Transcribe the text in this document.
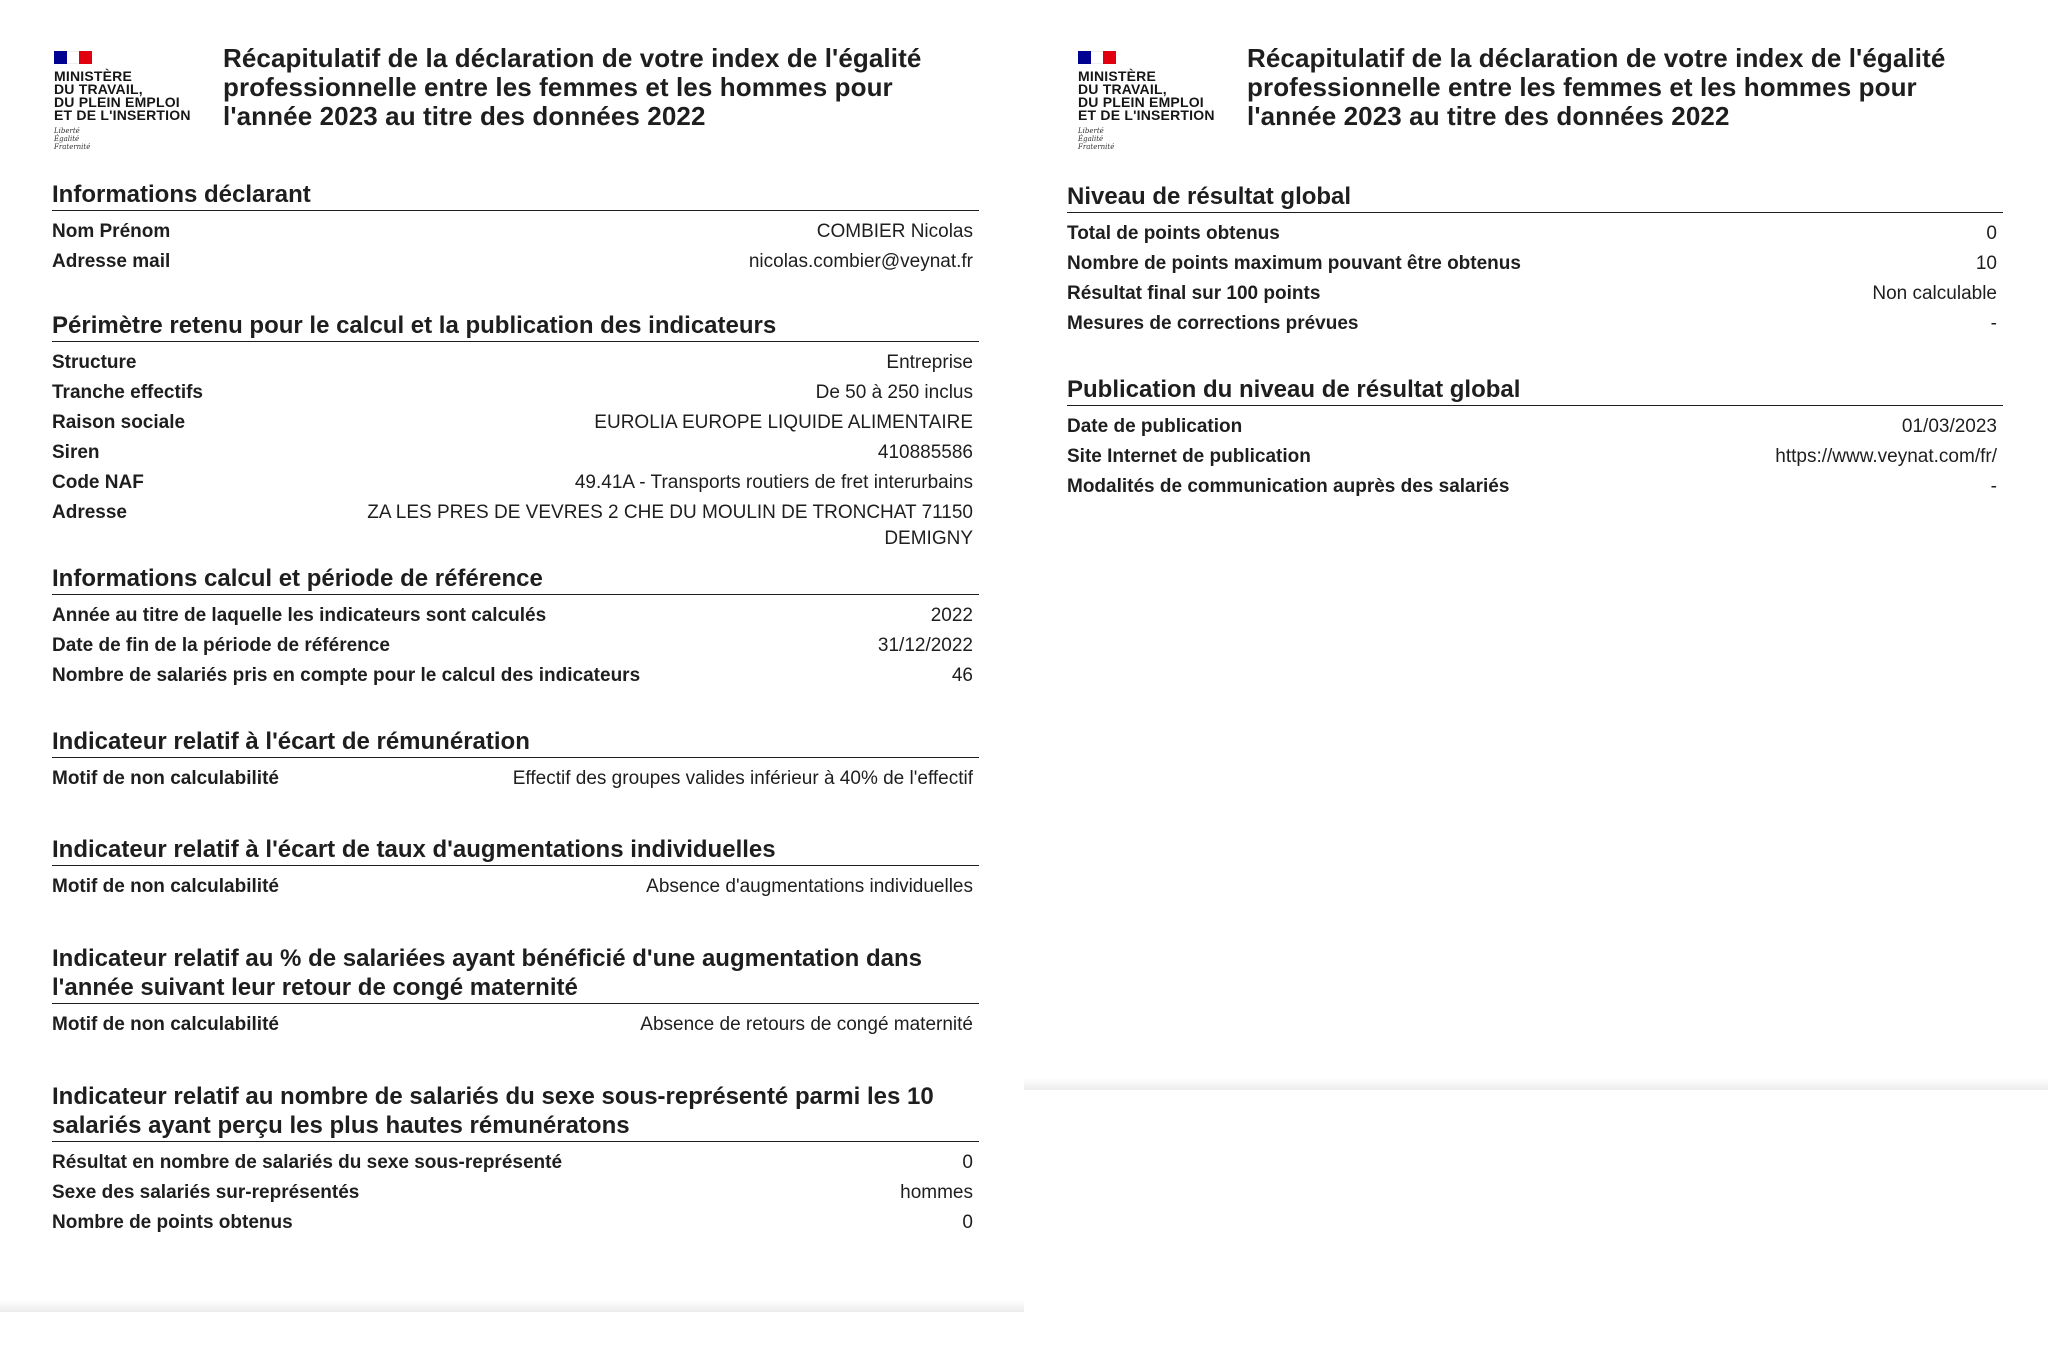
MINISTÈRE
DU TRAVAIL,
DU PLEIN EMPLOI
ET DE L'INSERTION
Liberté
Égalité
Fraternité
Récapitulatif de la déclaration de votre index de l'égalité professionnelle entre les femmes et les hommes pour l'année 2023 au titre des données 2022
Informations déclarant
Nom Prénom	COMBIER Nicolas
Adresse mail	nicolas.combier@veynat.fr
Périmètre retenu pour le calcul et la publication des indicateurs
Structure	Entreprise
Tranche effectifs	De 50 à 250 inclus
Raison sociale	EUROLIA EUROPE LIQUIDE ALIMENTAIRE
Siren	410885586
Code NAF	49.41A - Transports routiers de fret interurbains
Adresse	ZA LES PRES DE VEVRES 2 CHE DU MOULIN DE TRONCHAT 71150 DEMIGNY
Informations calcul et période de référence
Année au titre de laquelle les indicateurs sont calculés	2022
Date de fin de la période de référence	31/12/2022
Nombre de salariés pris en compte pour le calcul des indicateurs	46
Indicateur relatif à l'écart de rémunération
Motif de non calculabilité	Effectif des groupes valides inférieur à 40% de l'effectif
Indicateur relatif à l'écart de taux d'augmentations individuelles
Motif de non calculabilité	Absence d'augmentations individuelles
Indicateur relatif au % de salariées ayant bénéficié d'une augmentation dans l'année suivant leur retour de congé maternité
Motif de non calculabilité	Absence de retours de congé maternité
Indicateur relatif au nombre de salariés du sexe sous-représenté parmi les 10 salariés ayant perçu les plus hautes rémunératons
Résultat en nombre de salariés du sexe sous-représenté	0
Sexe des salariés sur-représentés	hommes
Nombre de points obtenus	0
MINISTÈRE
DU TRAVAIL,
DU PLEIN EMPLOI
ET DE L'INSERTION
Liberté
Égalité
Fraternité
Récapitulatif de la déclaration de votre index de l'égalité professionnelle entre les femmes et les hommes pour l'année 2023 au titre des données 2022
Niveau de résultat global
Total de points obtenus	0
Nombre de points maximum pouvant être obtenus	10
Résultat final sur 100 points	Non calculable
Mesures de corrections prévues	-
Publication du niveau de résultat global
Date de publication	01/03/2023
Site Internet de publication	https://www.veynat.com/fr/
Modalités de communication auprès des salariés	-
